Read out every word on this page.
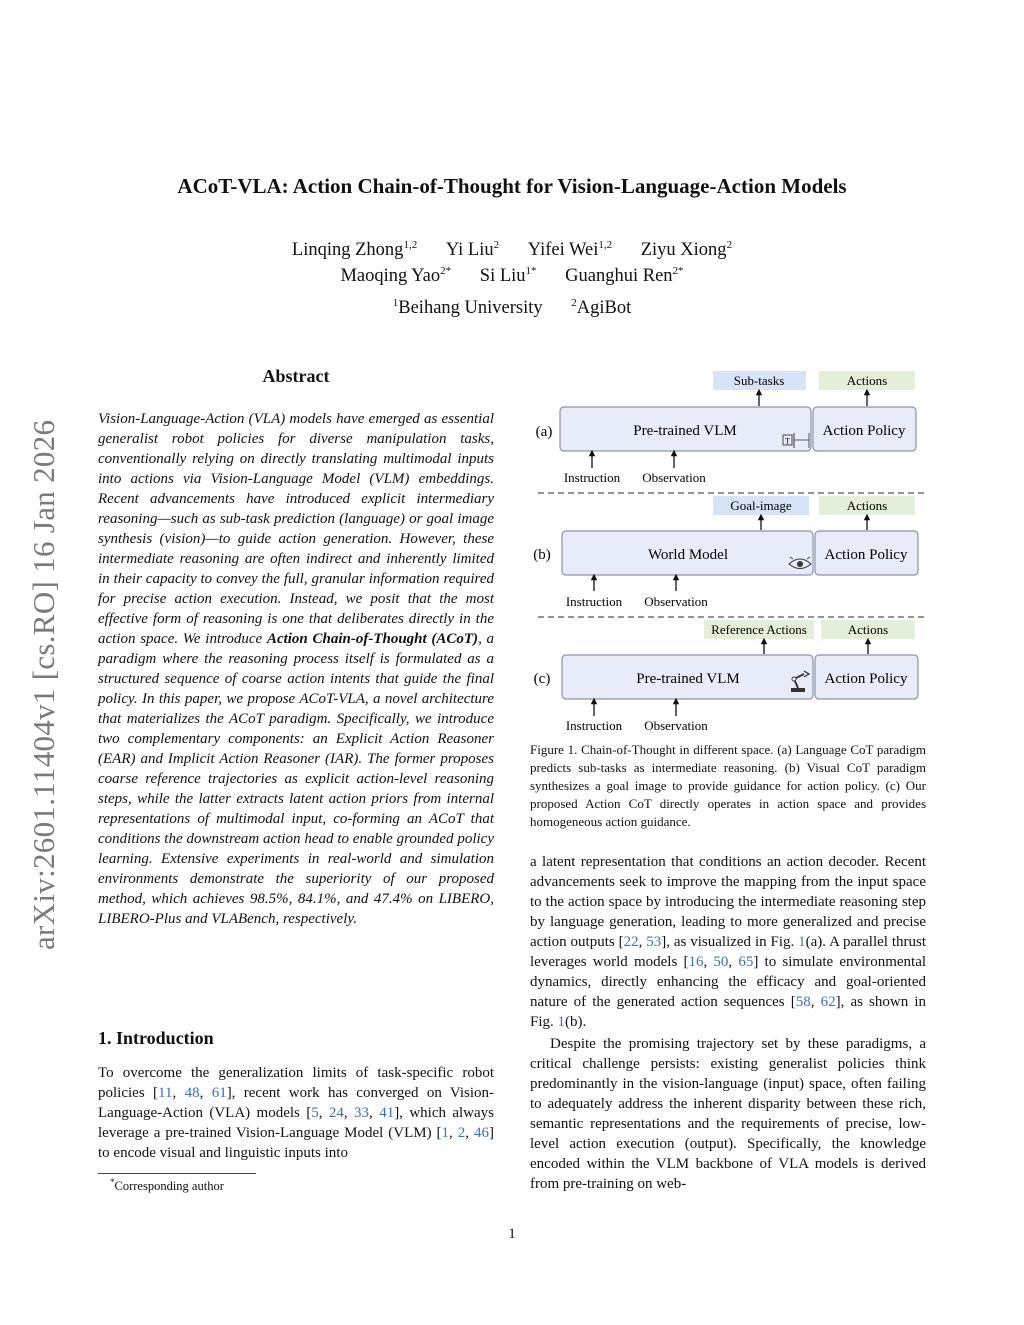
arXiv:2601.11404v1 [cs.RO] 16 Jan 2026
ACoT-VLA: Action Chain-of-Thought for Vision-Language-Action Models
Linqing Zhong$^{1,2}$ Yi Liu$^2$ Yifei Wei$^{1,2}$ Ziyu Xiong$^2$
Maoqing Yao$^{2*}$ Si Liu$^{1*}$ Guanghui Ren$^{2*}$
$^1$Beihang University	$^2$AgiBot
Abstract
Vision-Language-Action (VLA) models have emerged as essential generalist robot policies for diverse manipulation tasks, conventionally relying on directly translating multimodal inputs into actions via Vision-Language Model (VLM) embeddings. Recent advancements have introduced explicit intermediary reasoning—such as sub-task prediction (language) or goal image synthesis (vision)—to guide action generation. However, these intermediate reasoning are often indirect and inherently limited in their capacity to convey the full, granular information required for precise action execution. Instead, we posit that the most effective form of reasoning is one that deliberates directly in the action space. We introduce Action Chain-of-Thought (ACoT), a paradigm where the reasoning process itself is formulated as a structured sequence of coarse action intents that guide the final policy. In this paper, we propose ACoT-VLA, a novel architecture that materializes the ACoT paradigm. Specifically, we introduce two complementary components: an Explicit Action Reasoner (EAR) and Implicit Action Reasoner (IAR). The former proposes coarse reference trajectories as explicit action-level reasoning steps, while the latter extracts latent action priors from internal representations of multimodal input, co-forming an ACoT that conditions the downstream action head to enable grounded policy learning. Extensive experiments in real-world and simulation environments demonstrate the superiority of our proposed method, which achieves 98.5%, 84.1%, and 47.4% on LIBERO, LIBERO-Plus and VLABench, respectively.
1. Introduction
To overcome the generalization limits of task-specific robot policies [11, 48, 61], recent work has converged on Vision-Language-Action (VLA) models [5, 24, 33, 41], which always leverage a pre-trained Vision-Language Model (VLM) [1, 2, 46] to encode visual and linguistic inputs into
*Corresponding author
Sub-tasks	Actions
(a)	Pre-trained VLM
T
Action Policy
Instruction Observation
Goal-image	Actions
(b)	World Model	Action Policy
Instruction Observation
Reference Actions	Actions
(c)	Pre-trained VLM	Action Policy
Instruction Observation
Figure 1. Chain-of-Thought in different space. (a) Language CoT paradigm predicts sub-tasks as intermediate reasoning. (b) Visual CoT paradigm synthesizes a goal image to provide guidance for action policy. (c) Our proposed Action CoT directly operates in action space and provides homogeneous action guidance.
a latent representation that conditions an action decoder. Recent advancements seek to improve the mapping from the input space to the action space by introducing the intermediate reasoning step by language generation, leading to more generalized and precise action outputs [22, 53], as visualized in Fig. 1(a). A parallel thrust leverages world models [16, 50, 65] to simulate environmental dynamics, directly enhancing the efficacy and goal-oriented nature of the generated action sequences [58, 62], as shown in Fig. 1(b).
Despite the promising trajectory set by these paradigms, a critical challenge persists: existing generalist policies think predominantly in the vision-language (input) space, often failing to adequately address the inherent disparity between these rich, semantic representations and the requirements of precise, low-level action execution (output). Specifically, the knowledge encoded within the VLM backbone of VLA models is derived from pre-training on web-
1
